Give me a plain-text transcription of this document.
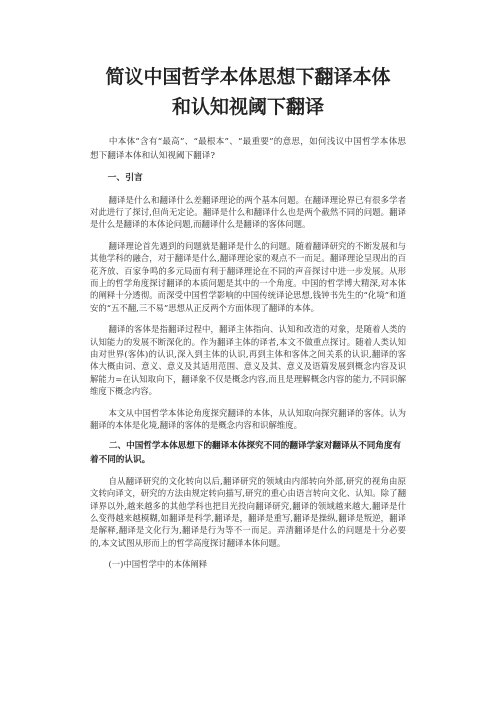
简议中国哲学本体思想下翻译本体和认知视阈下翻译
中本体”含有“最高”、“最根本”、“最重要”的意思，如何浅议中国哲学本体思想下翻译本体和认知视阈下翻译?
一、引言
翻译是什么和翻译什么差翻译理论的两个基本问题。在翻译理论界已有很多学者对此进行了探讨,但尚无定论。翻译是什么和翻译什么也是两个截然不同的问题。翻译是什么是翻译的本体论问题,而翻译什么是翻译的客体问题。
翻译理论首先遇到的问题就是翻译是什么的问题。随着翻译研究的不断发展和与其他学科的融合，对于翻译是什么,翻译理论家的观点不一而足。翻译理论呈现出的百花齐放、百家争鸣的多元局面有利于翻译理论在不同的声音探讨中进一步发展。从形而上的哲学角度探讨翻译的本质问题是其中的一个角度。中国的哲学博大精深,对本体的阐释十分透彻。而深受中国哲学影响的中国传统译论思想,钱钟书先生的“化境”和道安的“五不翻,三不易”思想从正反两个方面体现了翻译的本体。
翻译的客体是指翻译过程中，翻译主体指向、认知和改造的对象，是随着人类的认知能力的发展不断深化的。作为翻译主体的译者,本文不做重点探讨。随着人类认知由对世界(客体)的认识,深入到主体的认识,再到主体和客体之间关系的认识,翻译的客体大概由词、意义、意义及其适用范围、意义及其、意义及语篇发展到概念内容及识解能力=在认知取向下，翻译象不仅是概念内容,而且是理解概念内容的能力,不同识解维度下概念内容。
本文从中国哲学本体论角度探究翻译的本体，从认知取向探究翻译的客体。认为翻译的本体是化境,翻译的客体的是概念内容和识解维度。
二、中国哲学本体思想下的翻译本体探究不同的翻译学家对翻译从不同角度有着不同的认识。
自从翻译研究的文化转向以后,翻译研究的领域由内部转向外部,研究的视角由原文转向译文，研究的方法由规定转向描写,研究的重心由语言转向文化、认知。除了翻译界以外,越来越多的其他学科也把目光投向翻译研究,翻译的领域越来越大,翻译是什么变得越来越模糊,如翻译是科学,翻译是，翻译是重写,翻译是操纵,翻译是叛逆，翻译是解释,翻译是文化行为,翻译是行为等不一而足。弄清翻译是什么的问题是十分必要的,本文试图从形而上的哲学高度探讨翻译本体问题。
(一)中国哲学中的本体阐释
